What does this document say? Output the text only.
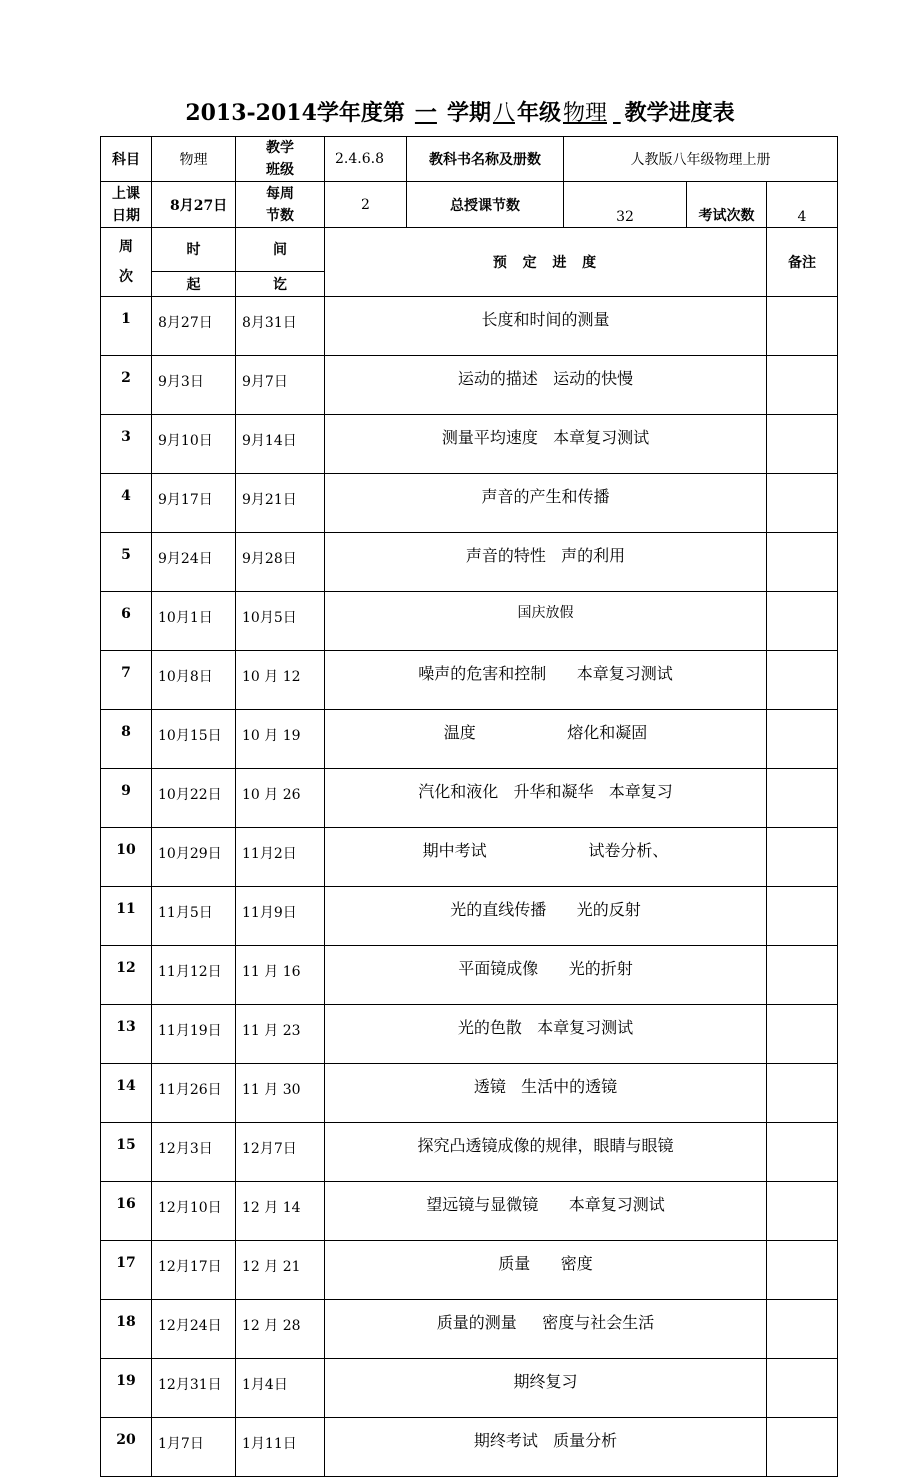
2013-2014学年度第 一 学期八年级物理 教学进度表
科目	物理	教学班级	2.4.6.8	教科书名称及册数	人教版八年级物理上册		
上课日期	8月27日	每周节数	2	总授课节数	32	考试次数	4
周次	时	间	预  定  进  度				备注
	起	讫					
1	8月27日	8月31日	长度和时间的测量				
2	9月3日	9月7日	运动的描述   运动的快慢				
3	9月10日	9月14日	测量平均速度   本章复习测试				
4	9月17日	9月21日	声音的产生和传播				
5	9月24日	9月28日	声音的特性   声的利用				
6	10月1日	10月5日	国庆放假				
7	10月8日	10 月 12	噪声的危害和控制      本章复习测试				
8	10月15日	10 月 19	温度                  熔化和凝固				
9	10月22日	10 月 26	汽化和液化   升华和凝华   本章复习				
10	10月29日	11月2日	期中考试                    试卷分析、				
11	11月5日	11月9日	光的直线传播      光的反射				
12	11月12日	11 月 16	平面镜成像      光的折射				
13	11月19日	11 月 23	光的色散   本章复习测试				
14	11月26日	11 月 30	透镜   生活中的透镜				
15	12月3日	12月7日	探究凸透镜成像的规律，眼睛与眼镜				
16	12月10日	12 月 14	望远镜与显微镜      本章复习测试				
17	12月17日	12 月 21	质量      密度				
18	12月24日	12 月 28	质量的测量     密度与社会生活				
19	12月31日	1月4日	期终复习				
20	1月7日	1月11日	期终考试   质量分析				
